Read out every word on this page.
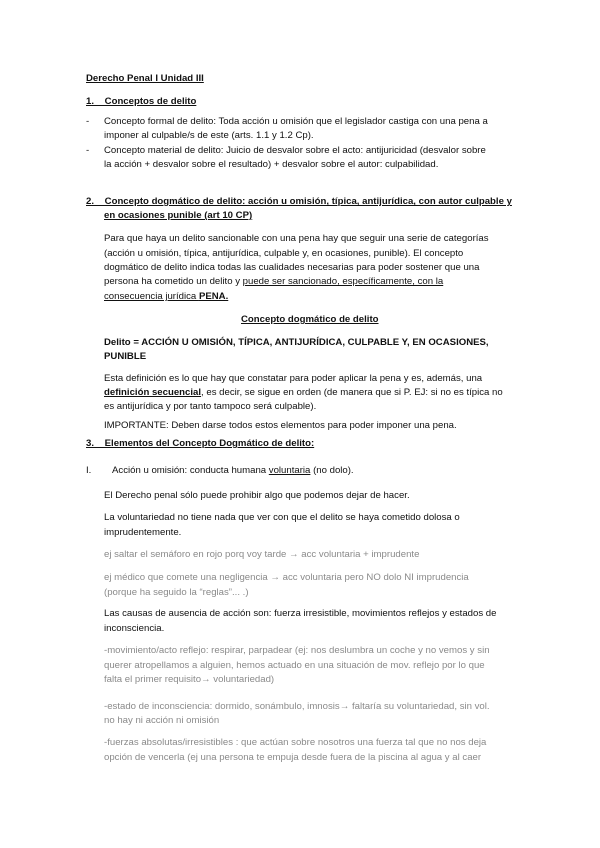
Derecho Penal I Unidad III
1.    Conceptos de delito
- Concepto formal de delito: Toda acción u omisión que el legislador castiga con una pena a
imponer al culpable/s de este (arts. 1.1 y 1.2 Cp).
- Concepto material de delito: Juicio de desvalor sobre el acto: antijuricidad (desvalor sobre
la acción + desvalor sobre el resultado) + desvalor sobre el autor: culpabilidad.
2.    Concepto dogmático de delito: acción u omisión, típica, antijurídica, con autor culpable y
en ocasiones punible (art 10 CP)
Para que haya un delito sancionable con una pena hay que seguir una serie de categorías
(acción u omisión, típica, antijurídica, culpable y, en ocasiones, punible). El concepto
dogmático de delito indica todas las cualidades necesarias para poder sostener que una
persona ha cometido un delito y puede ser sancionado, específicamente, con la
consecuencia jurídica PENA.
Concepto dogmático de delito
Delito = ACCIÓN U OMISIÓN, TÍPICA, ANTIJURÍDICA, CULPABLE Y, EN OCASIONES,
PUNIBLE
Esta definición es lo que hay que constatar para poder aplicar la pena y es, además, una
definición secuencial, es decir, se sigue en orden (de manera que si P. EJ: si no es típica no
es antijurídica y por tanto tampoco será culpable).
IMPORTANTE: Deben darse todos estos elementos para poder imponer una pena.
3.    Elementos del Concepto Dogmático de delito:
I. Acción u omisión: conducta humana voluntaria (no dolo).
El Derecho penal sólo puede prohibir algo que podemos dejar de hacer.
La voluntariedad no tiene nada que ver con que el delito se haya cometido dolosa o
imprudentemente.
ej saltar el semáforo en rojo porq voy tarde → acc voluntaria + imprudente
ej médico que comete una negligencia → acc voluntaria pero NO dolo NI imprudencia
(porque ha seguido la “reglas”... .)
Las causas de ausencia de acción son: fuerza irresistible, movimientos reflejos y estados de
inconsciencia.
-movimiento/acto reflejo: respirar, parpadear (ej: nos deslumbra un coche y no vemos y sin
querer atropellamos a alguien, hemos actuado en una situación de mov. reflejo por lo que
falta el primer requisito→ voluntariedad)
-estado de inconsciencia: dormido, sonámbulo, imnosis→ faltaría su voluntariedad, sin vol.
no hay ni acción ni omisión
-fuerzas absolutas/irresistibles : que actúan sobre nosotros una fuerza tal que no nos deja
opción de vencerla (ej una persona te empuja desde fuera de la piscina al agua y al caer
